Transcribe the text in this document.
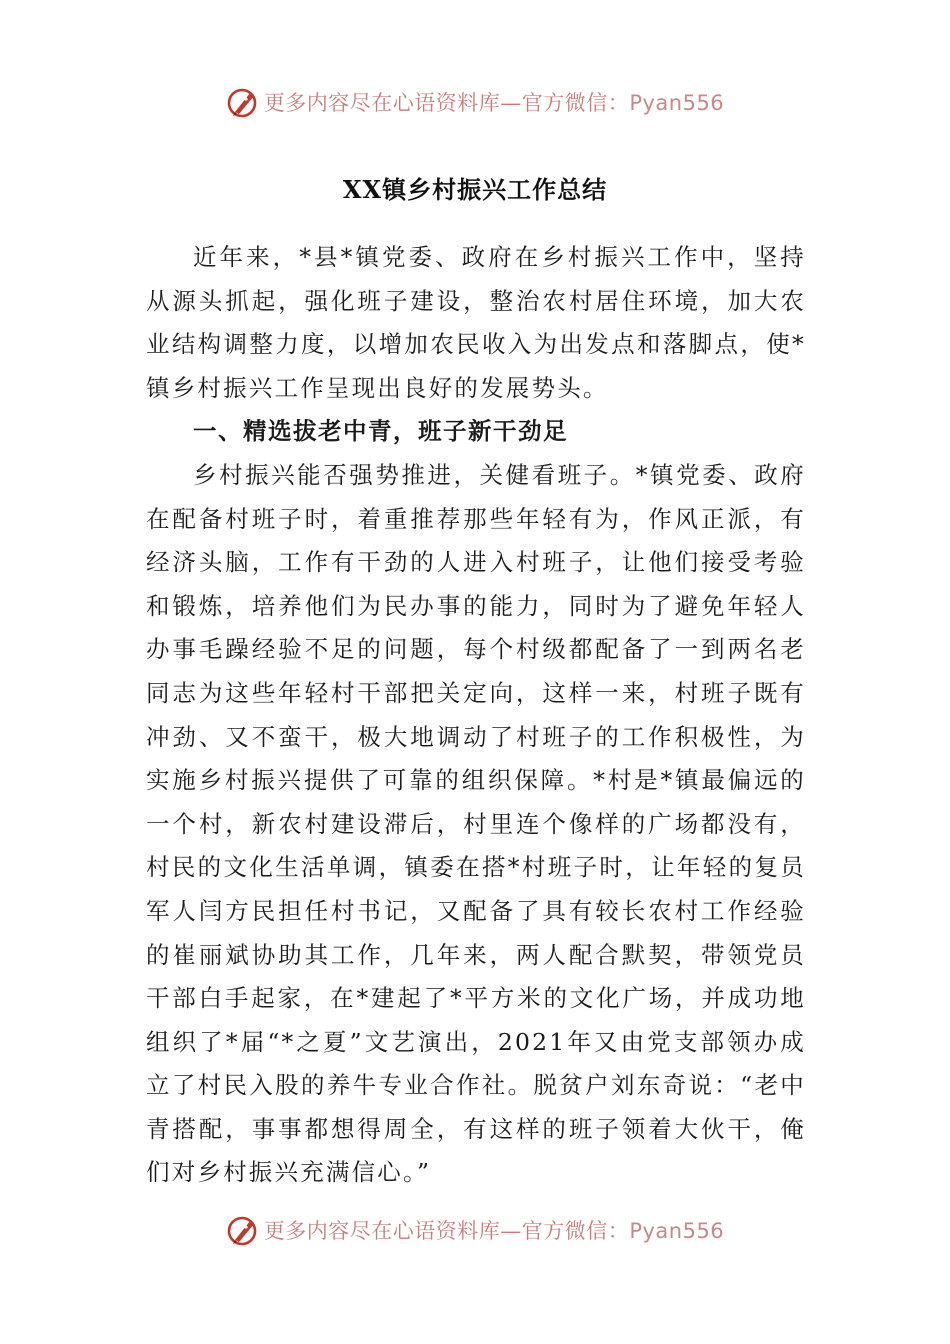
更多内容尽在心语资料库—官方微信：Pyan556
XX镇乡村振兴工作总结

近年来，*县*镇党委、政府在乡村振兴工作中，坚持从源头抓起，强化班子建设，整治农村居住环境，加大农业结构调整力度，以增加农民收入为出发点和落脚点，使*镇乡村振兴工作呈现出良好的发展势头。

一、精选拔老中青，班子新干劲足

乡村振兴能否强势推进，关健看班子。*镇党委、政府在配备村班子时，着重推荐那些年轻有为，作风正派，有经济头脑，工作有干劲的人进入村班子，让他们接受考验和锻炼，培养他们为民办事的能力，同时为了避免年轻人办事毛躁经验不足的问题，每个村级都配备了一到两名老同志为这些年轻村干部把关定向，这样一来，村班子既有冲劲、又不蛮干，极大地调动了村班子的工作积极性，为实施乡村振兴提供了可靠的组织保障。*村是*镇最偏远的一个村，新农村建设滞后，村里连个像样的广场都没有，村民的文化生活单调，镇委在搭*村班子时，让年轻的复员军人闫方民担任村书记，又配备了具有较长农村工作经验的崔丽斌协助其工作，几年来，两人配合默契，带领党员干部白手起家，在*建起了*平方米的文化广场，并成功地组织了*届“*之夏”文艺演出，2021年又由党支部领办成立了村民入股的养牛专业合作社。脱贫户刘东奇说：“老中青搭配，事事都想得周全，有这样的班子领着大伙干，俺们对乡村振兴充满信心。”

更多内容尽在心语资料库—官方微信：Pyan556
